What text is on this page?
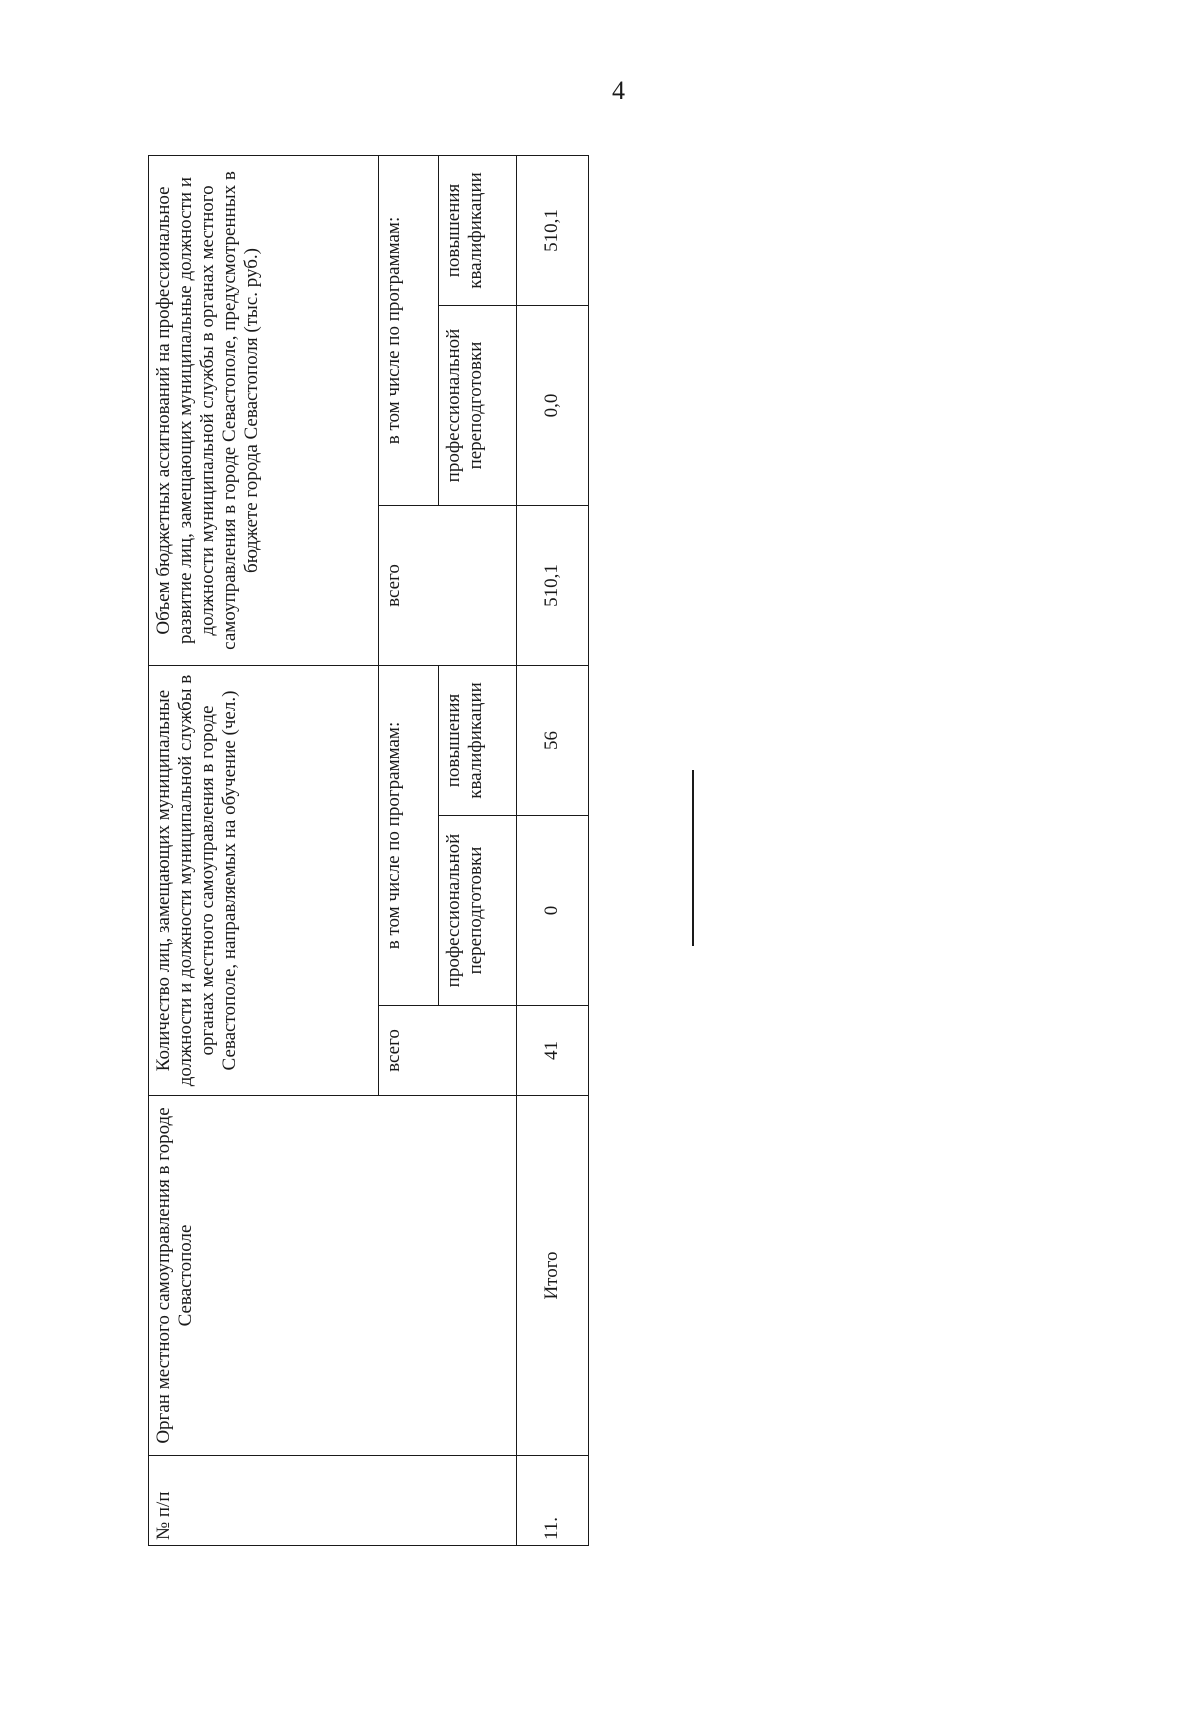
4
№ п/п	Орган местного самоуправления в городе Севастополе	Количество лиц, замещающих муниципальные должности и должности муниципальной службы в органах местного самоуправления в городе Севастополе, направляемых на обучение (чел.)			Объем бюджетных ассигнований на профессиональное развитие лиц, замещающих муниципальные должности и должности муниципальной службы в органах местного самоуправления в городе Севастополе, предусмотренных в бюджете города Севастополя (тыс. руб.)		
		всего	в том числе по программам:		всего	в том числе по программам:	
			профессиональной переподготовки	повышения квалификации		профессиональной переподготовки	повышения квалификации
11.	Итого	41	0	56	510,1	0,0	510,1
